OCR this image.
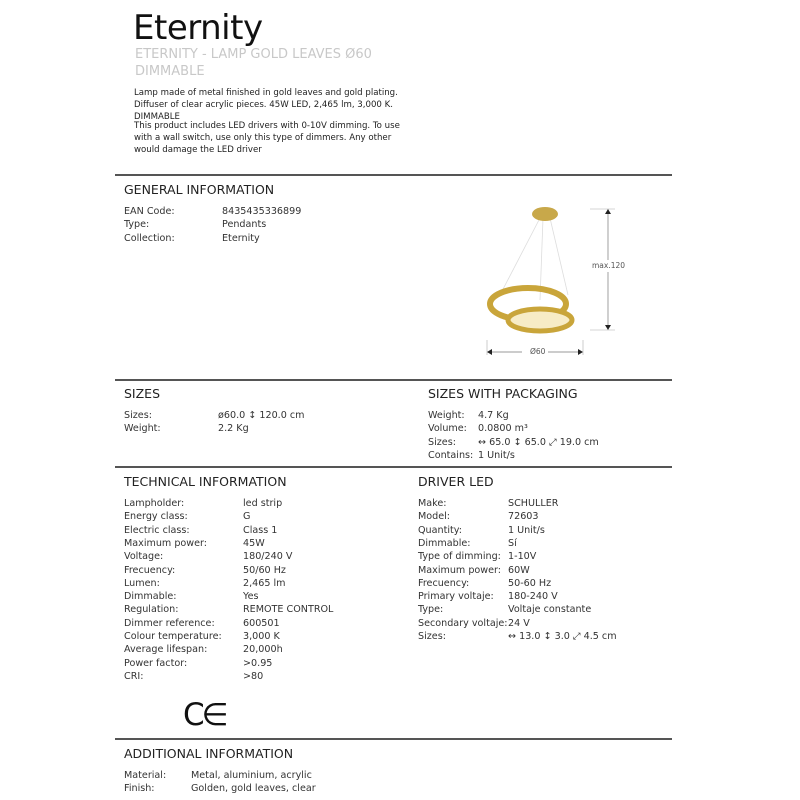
Eternity
ETERNITY - LAMP GOLD LEAVES Ø60
DIMMABLE
Lamp made of metal finished in gold leaves and gold plating. Diffuser of clear acrylic pieces. 45W LED, 2,465 lm, 3,000 K. DIMMABLE
This product includes LED drivers with 0-10V dimming. To use with a wall switch, use only this type of dimmers. Any other would damage the LED driver
GENERAL INFORMATION
EAN Code:	8435435336899
Type:	Pendants
Collection:	Eternity
max.120
Ø60
SIZES	SIZES WITH PACKAGING
Sizes:	ø60.0 ↕ 120.0 cm
Weight:	2.2 Kg
Weight: 4.7 Kg
Volume: 0.0800 m³
Sizes: ↔ 65.0 ↕ 65.0 ⤢ 19.0 cm
Contains: 1 Unit/s
TECHNICAL INFORMATION	DRIVER LED
Lampholder:	led strip
Energy class:	G
Electric class:	Class 1
Maximum power:	45W
Voltage:	180/240 V
Frecuency:	50/60 Hz
Lumen:	2,465 lm
Dimmable:	Yes
Regulation:	REMOTE CONTROL
Dimmer reference:	600501
Colour temperature: 3,000 K
Average lifespan:	20,000h
Power factor:	>0.95
CRI:	>80
Make:	SCHULLER
Model:	72603
Quantity:	1 Unit/s
Dimmable:	Sí
Type of dimming: 1-10V
Maximum power: 60W
Frecuency:	50-60 Hz
Primary voltaje: 180-240 V
Type:	Voltaje constante
Secondary voltaje: 24 V
Sizes:	↔ 13.0 ↕ 3.0 ⤢ 4.5 cm
C∈
ADDITIONAL INFORMATION
Material:	Metal, aluminium, acrylic
Finish:	Golden, gold leaves, clear
